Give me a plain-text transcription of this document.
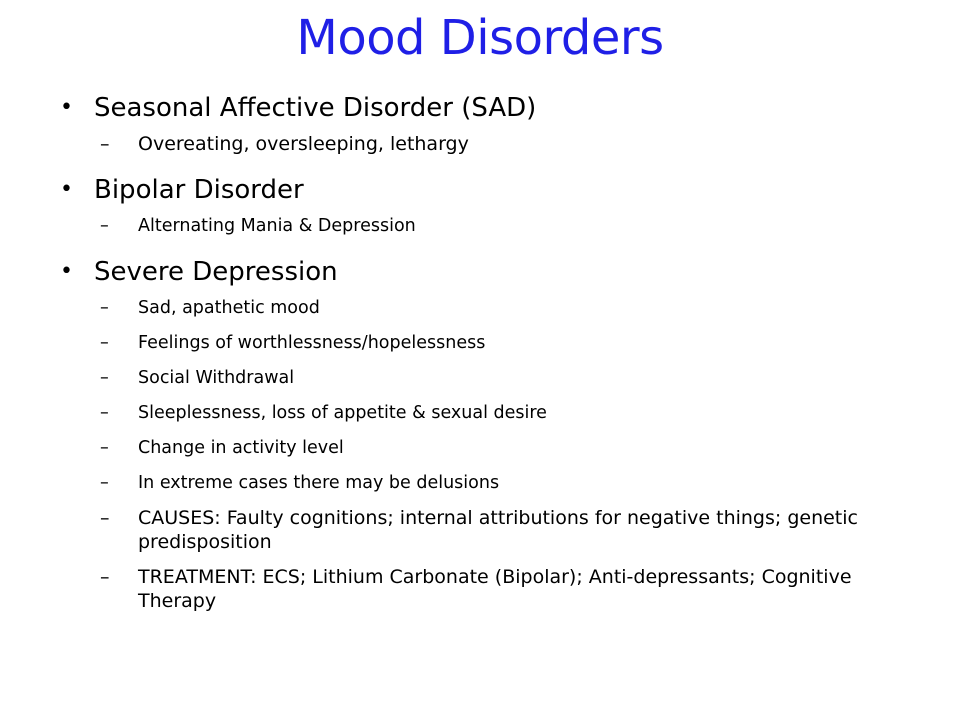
Mood Disorders
• Seasonal Affective Disorder (SAD)
– Overeating, oversleeping, lethargy
• Bipolar Disorder
– Alternating Mania & Depression
• Severe Depression
– Sad, apathetic mood
– Feelings of worthlessness/hopelessness
– Social Withdrawal
– Sleeplessness, loss of appetite & sexual desire
– Change in activity level
– In extreme cases there may be delusions
– CAUSES: Faulty cognitions; internal attributions for negative things; genetic predisposition
– TREATMENT: ECS; Lithium Carbonate (Bipolar); Anti-depressants; Cognitive Therapy
